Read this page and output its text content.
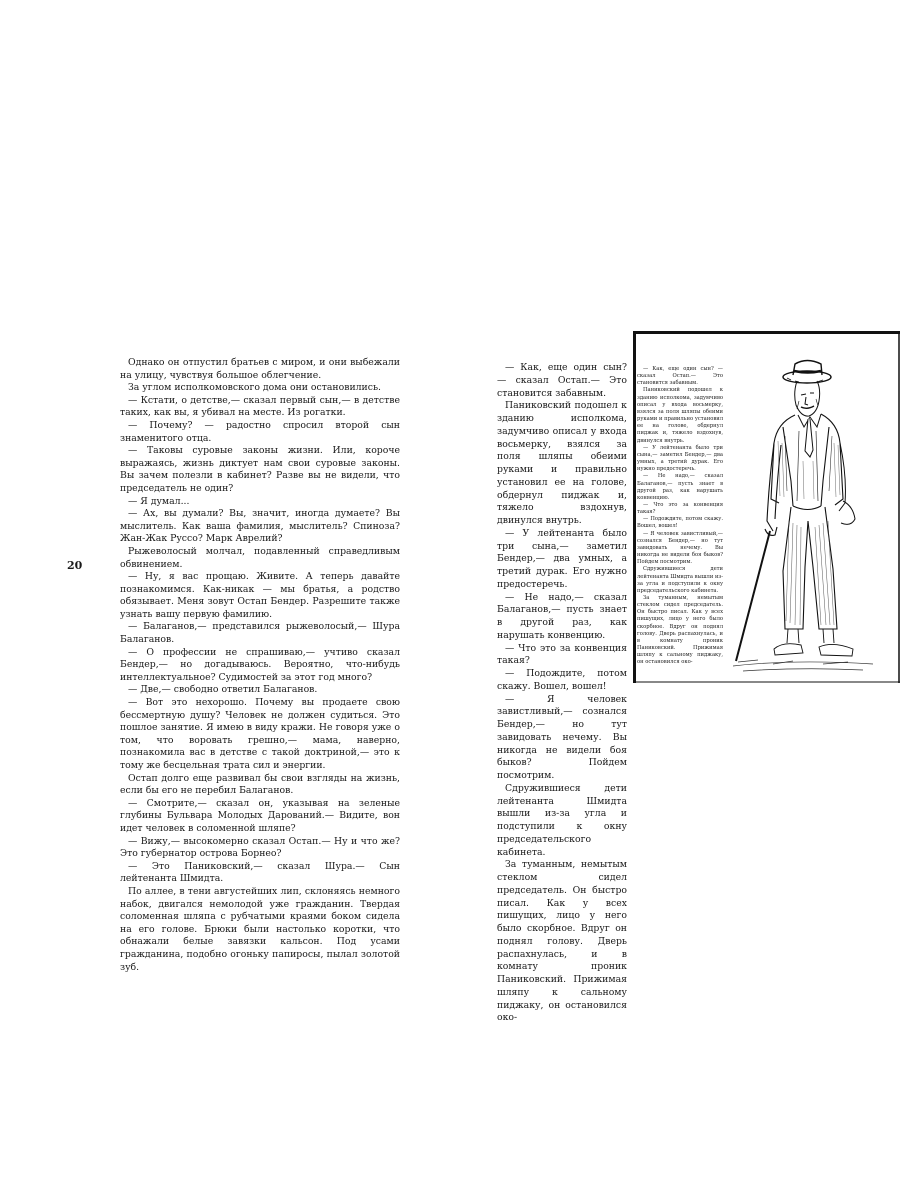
20

Однако он отпустил братьев с миром, и они выбежали на улицу, чувствуя большое облегчение.

За углом исполкомовского дома они остановились.

— Кстати, о детстве,— сказал первый сын,— в детстве таких, как вы, я убивал на месте. Из рогатки.

— Почему? — радостно спросил второй сын знаменитого отца.

— Таковы суровые законы жизни. Или, короче выражаясь, жизнь диктует нам свои суровые законы. Вы зачем полезли в кабинет? Разве вы не видели, что председатель не один?

— Я думал...

— Ах, вы думали? Вы, значит, иногда думаете? Вы мыслитель. Как ваша фамилия, мыслитель? Спиноза? Жан-Жак Руссо? Марк Аврелий?

Рыжеволосый молчал, подавленный справедливым обвинением.

— Ну, я вас прощаю. Живите. А теперь давайте познакомимся. Как-никак — мы братья, а родство обязывает. Меня зовут Остап Бендер. Разрешите также узнать вашу первую фамилию.

— Балаганов,— представился рыжеволосый,— Шура Балаганов.

— О профессии не спрашиваю,— учтиво сказал Бендер,— но догадываюсь. Вероятно, что-нибудь интеллектуальное? Судимостей за этот год много?

— Две,— свободно ответил Балаганов.

— Вот это нехорошо. Почему вы продаете свою бессмертную душу? Человек не должен судиться. Это пошлое занятие. Я имею в виду кражи. Не говоря уже о том, что воровать грешно,— мама, наверно, познакомила вас в детстве с такой доктриной,— это к тому же бесцельная трата сил и энергии.

Остап долго еще развивал бы свои взгляды на жизнь, если бы его не перебил Балаганов.

— Смотрите,— сказал он, указывая на зеленые глубины Бульвара Молодых Дарований.— Видите, вон идет человек в соломенной шляпе?

— Вижу,— высокомерно сказал Остап.— Ну и что же? Это губернатор острова Борнео?

— Это Паниковский,— сказал Шура.— Сын лейтенанта Шмидта.

По аллее, в тени августейших лип, склоняясь немного набок, двигался немолодой уже гражданин. Твердая соломенная шляпа с рубчатыми краями боком сидела на его голове. Брюки были настолько коротки, что обнажали белые завязки кальсон. Под усами гражданина, подобно огоньку папиросы, пылал золотой зуб.

— Как, еще один сын? — сказал Остап.— Это становится забавным.

Паниковский подошел к зданию исполкома, задумчиво описал у входа восьмерку, взялся за поля шляпы обеими руками и правильно установил ее на голове, обдернул пиджак и, тяжело вздохнув, двинулся внутрь.

— У лейтенанта было три сына,— заметил Бендер,— двa умных, а третий дурак. Его нужно предостеречь.

— Не надо,— сказал Балаганов,— пусть знает в другой раз, как нарушать конвенцию.

— Что это за конвенция такая?

— Подождите, потом скажу. Вошел, вошел!

— Я человек завистливый,— сознался Бендер,— но тут завидовать нечему. Вы никогда не видели боя быков? Пойдем посмотрим.

Сдружившиеся дети лейтенанта Шмидта вышли из-за угла и подступили к окну председательского кабинета.

За туманным, немытым стеклом сидел председатель. Он быстро писал. Как у всех пишущих, лицо у него было скорбное. Вдруг он поднял голову. Дверь распахнулась, и в комнату проник Паниковский. Прижимая шляпу к сальному пиджаку, он остановился око-

— Как, еще один сын? — сказал Остап.— Это становится забавным.

Паниковский подошел к зданию исполкома, задумчиво описал у входа восьмерку, взялся за поля шляпы обеими руками и правильно установил ее на голове, обдернул пиджак и, тяжело вздохнув, двинулся внутрь.

— У лейтенанта было три сына,— заметил Бендер,— два умных, а третий дурак. Его нужно предостеречь.

— Не надо,— сказал Балаганов,— пусть знает в другой раз, как нарушать конвенцию.

— Что это за конвенция такая?

— Подождите, потом скажу. Вошел, вошел!

— Я человек завистливый,— сознался Бендер,— но тут завидовать нечему. Вы никогда не видели боя быков? Пойдем посмотрим.

Сдружившиеся дети лейтенанта Шмидта вышли из-за угла и подступили к окну председательского кабинета.

За туманным, немытым стеклом сидел председатель. Он быстро писал. Как у всех пишущих, лицо у него было скорбное. Вдруг он поднял голову. Дверь распахнулась, и в комнату проник Паниковский. Прижимая шляпу к сальному пиджаку, он остановился око-
